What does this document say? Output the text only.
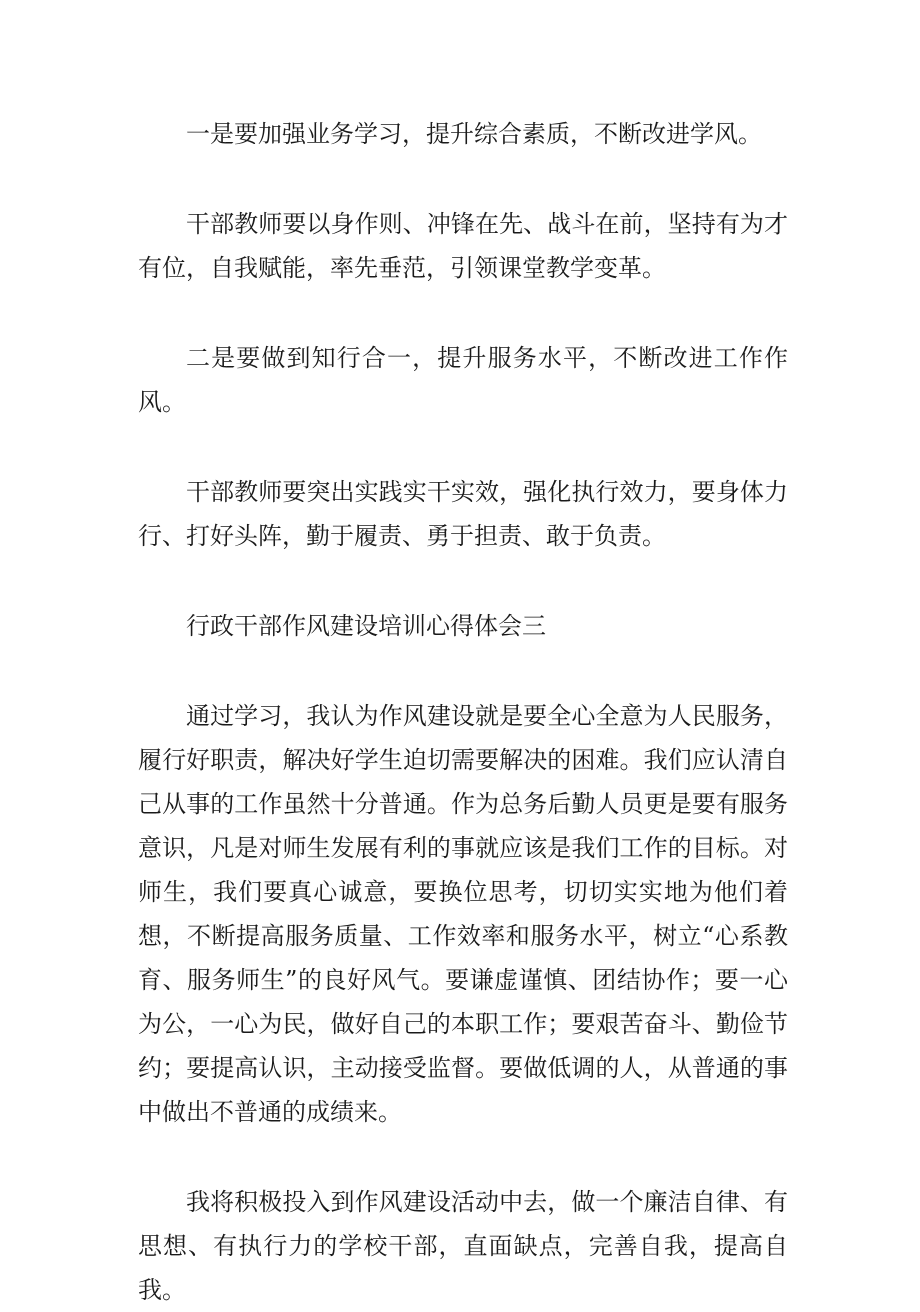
一是要加强业务学习，提升综合素质，不断改进学风。

干部教师要以身作则、冲锋在先、战斗在前，坚持有为才有位，自我赋能，率先垂范，引领课堂教学变革。

二是要做到知行合一，提升服务水平，不断改进工作作风。

干部教师要突出实践实干实效，强化执行效力，要身体力行、打好头阵，勤于履责、勇于担责、敢于负责。

行政干部作风建设培训心得体会三

通过学习，我认为作风建设就是要全心全意为人民服务，履行好职责，解决好学生迫切需要解决的困难。我们应认清自己从事的工作虽然十分普通。作为总务后勤人员更是要有服务意识，凡是对师生发展有利的事就应该是我们工作的目标。对师生，我们要真心诚意，要换位思考，切切实实地为他们着想，不断提高服务质量、工作效率和服务水平，树立“心系教育、服务师生”的良好风气。要谦虚谨慎、团结协作；要一心为公，一心为民，做好自己的本职工作；要艰苦奋斗、勤俭节约；要提高认识，主动接受监督。要做低调的人，从普通的事中做出不普通的成绩来。

我将积极投入到作风建设活动中去，做一个廉洁自律、有思想、有执行力的学校干部，直面缺点，完善自我，提高自我。
